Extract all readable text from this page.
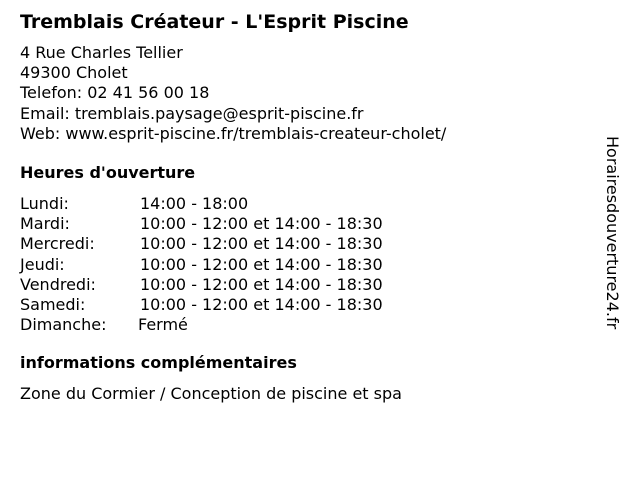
Tremblais Créateur - L'Esprit Piscine
4 Rue Charles Tellier
49300 Cholet
Telefon: 02 41 56 00 18
Email: tremblais.paysage@esprit-piscine.fr
Web: www.esprit-piscine.fr/tremblais-createur-cholet/
Heures d'ouverture
Lundi:	14:00 - 18:00
Mardi:	10:00 - 12:00 et 14:00 - 18:30
Mercredi:	10:00 - 12:00 et 14:00 - 18:30
Jeudi:	10:00 - 12:00 et 14:00 - 18:30
Vendredi:	10:00 - 12:00 et 14:00 - 18:30
Samedi:	10:00 - 12:00 et 14:00 - 18:30
Dimanche: Fermé
informations complémentaires
Zone du Cormier / Conception de piscine et spa
Horairesdouverture24.fr
